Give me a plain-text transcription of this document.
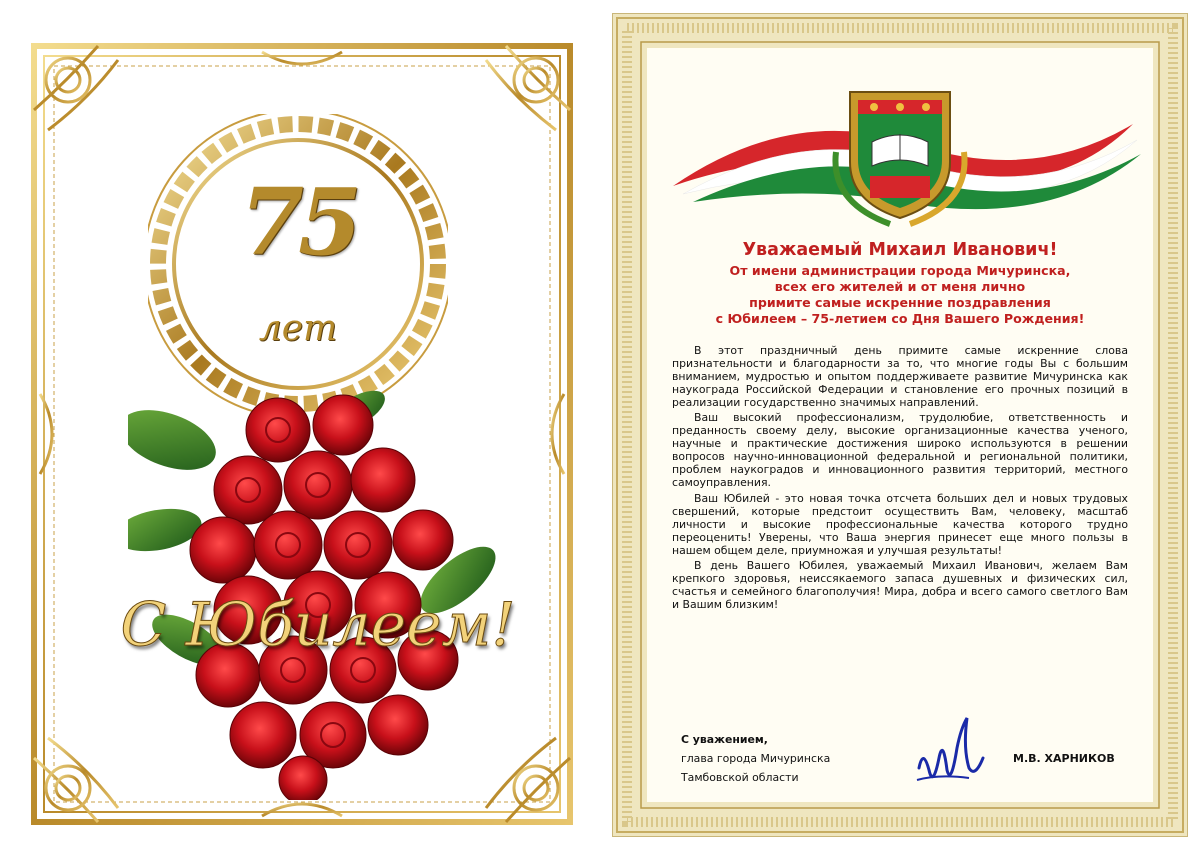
75
лет
С Юбилеем!
Уважаемый Михаил Иванович!
От имени администрации города Мичуринска,
всех его жителей и от меня лично
примите самые искренние поздравления
с Юбилеем – 75-летием со Дня Вашего Рождения!

В этот праздничный день примите самые искренние слова признательности и благодарности за то, что многие годы Вы с большим вниманием, мудростью и опытом поддерживаете развитие Мичуринска как наукограда Российской Федерации и становление его прочных позиций в реализации государственно значимых направлений.

Ваш высокий профессионализм, трудолюбие, ответственность и преданность своему делу, высокие организационные качества ученого, научные и практические достижения широко используются в решении вопросов научно-инновационной федеральной и региональной политики, проблем наукоградов и инновационного развития территорий, местного самоуправления.

Ваш Юбилей - это новая точка отсчета больших дел и новых трудовых свершений, которые предстоит осуществить Вам, человеку, масштаб личности и высокие профессиональные качества которого трудно переоценить! Уверены, что Ваша энергия принесет еще много пользы в нашем общем деле, приумножая и улучшая результаты!

В день Вашего Юбилея, уважаемый Михаил Иванович, желаем Вам крепкого здоровья, неиссякаемого запаса душевных и физических сил, счастья и семейного благополучия! Мира, добра и всего самого светлого Вам и Вашим близким!

С уважением,
глава города Мичуринска
Тамбовской области
М.В. ХАРНИКОВ
